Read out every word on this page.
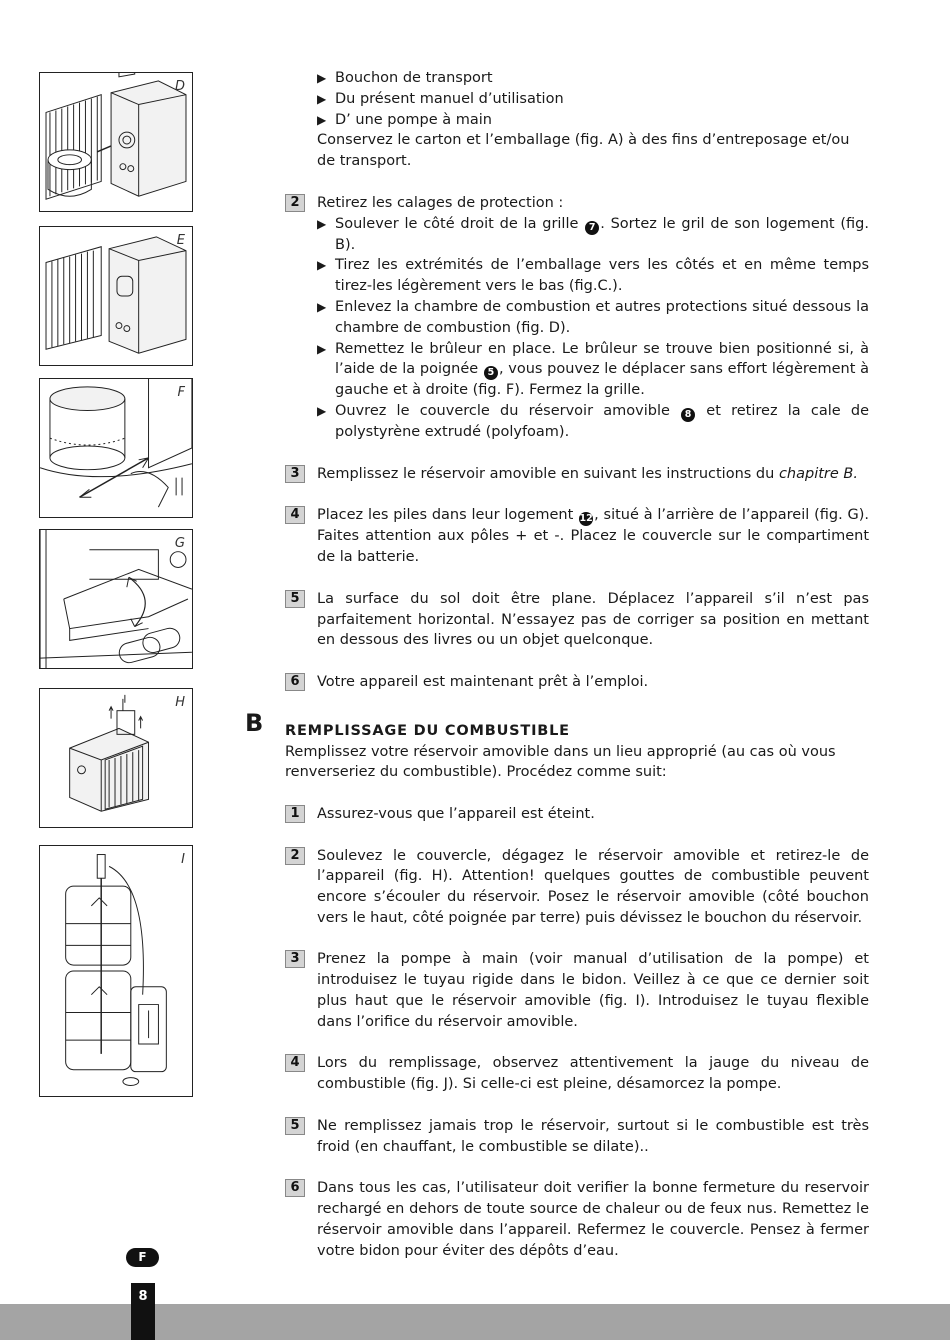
D
E
F
G
H
I
▶ Bouchon de transport
▶ Du présent manuel d’utilisation
▶ D’ une pompe à main
Conservez le carton et l’emballage (fig. A) à des fins d’entreposage et/ou de transport.
2	Retirez les calages de protection :
▶ Soulever le côté droit de la grille 7 . Sortez le gril de son logement (fig. B).
▶ Tirez les extrémités de l’emballage vers les côtés et en même temps tirez-les légèrement vers le bas (fig.C.).
▶ Enlevez la chambre de combustion et autres protections situé dessous la chambre de combustion (fig. D).
▶ Remettez le brûleur en place. Le brûleur se trouve bien positionné si, à l’aide de la poignée 5 , vous pouvez le déplacer sans effort légèrement à gauche et à droite (fig. F). Fermez la grille.
▶ Ouvrez le couvercle du réservoir amovible 8 et retirez la cale de polystyrène extrudé (polyfoam).
3	Remplissez le réservoir amovible en suivant les instructions du chapitre B.
4	Placez les piles dans leur logement 12, situé à l’arrière de l’appareil (fig. G). Faites attention aux pôles + et -. Placez le couvercle sur le compartiment de la batterie.
5	La surface du sol doit être plane. Déplacez l’appareil s’il n’est pas parfaitement horizontal. N’essayez pas de corriger sa position en mettant en dessous des livres ou un objet quelconque.
6	Votre appareil est maintenant prêt à l’emploi.
B REMPLISSAGE DU COMBUSTIBLE
Remplissez votre réservoir amovible dans un lieu approprié (au cas où vous renverseriez du combustible). Procédez comme suit:
1	Assurez-vous que l’appareil est éteint.
2	Soulevez le couvercle, dégagez le réservoir amovible et retirez-le de l’appareil (fig. H). Attention! quelques gouttes de combustible peuvent encore s’écouler du réservoir. Posez le réservoir amovible (côté bouchon vers le haut, côté poignée par terre) puis dévissez le bouchon du réservoir.
3	Prenez la pompe à main (voir manual d’utilisation de la pompe) et introduisez le tuyau rigide dans le bidon. Veillez à ce que ce dernier soit plus haut que le réservoir amovible (fig. I). Introduisez le tuyau flexible dans l’orifice du réservoir amovible.
4	Lors du remplissage, observez attentivement la jauge du niveau de combustible (fig. J). Si celle-ci est pleine, désamorcez la pompe.
5	Ne remplissez jamais trop le réservoir, surtout si le combustible est très froid (en chauffant, le combustible se dilate)..
6	Dans tous les cas, l’utilisateur doit verifier la bonne fermeture du reservoir rechargé en dehors de toute source de chaleur ou de feux nus. Remettez le réservoir amovible dans l’appareil. Refermez le couvercle. Pensez à fermer votre bidon pour éviter des dépôts d’eau.
F
8
